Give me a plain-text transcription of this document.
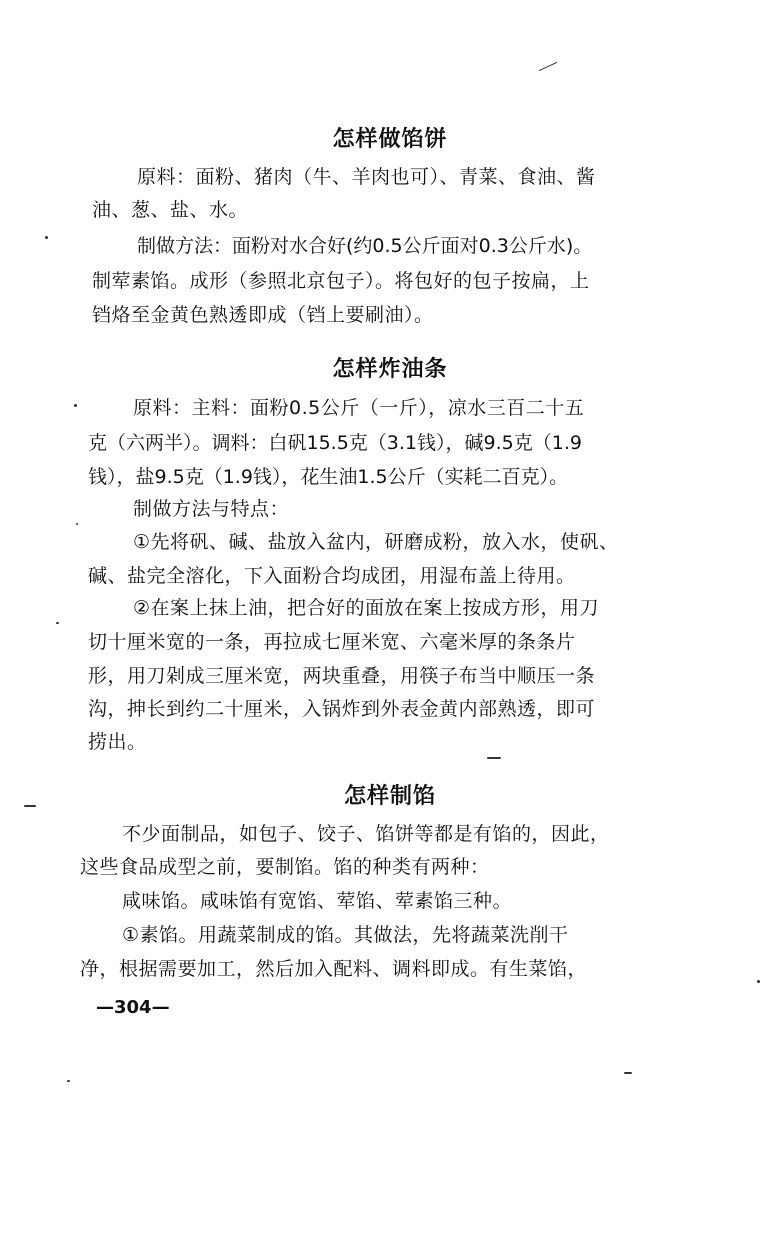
怎样做馅饼
原料：面粉、猪肉（牛、羊肉也可）、青菜、食油、酱
油、葱、盐、水。
制做方法：面粉对水合好(约0.5公斤面对0.3公斤水)。
制荤素馅。成形（参照北京包子）。将包好的包子按扁，上
铛烙至金黄色熟透即成（铛上要刷油）。
怎样炸油条
原料：主料：面粉0.5公斤（一斤），凉水三百二十五
克（六两半）。调料：白矾15.5克（3.1钱），碱9.5克（1.9
钱），盐9.5克（1.9钱），花生油1.5公斤（实耗二百克）。
制做方法与特点：
①先将矾、碱、盐放入盆内，研磨成粉，放入水，使矾、
碱、盐完全溶化，下入面粉合均成团，用湿布盖上待用。
②在案上抹上油，把合好的面放在案上按成方形，用刀
切十厘米宽的一条，再拉成七厘米宽、六毫米厚的条条片
形，用刀剁成三厘米宽，两块重叠，用筷子布当中顺压一条
沟，抻长到约二十厘米，入锅炸到外表金黄内部熟透，即可
捞出。
怎样制馅
不少面制品，如包子、饺子、馅饼等都是有馅的，因此，
这些食品成型之前，要制馅。馅的种类有两种：
咸味馅。咸味馅有宽馅、荤馅、荤素馅三种。
①素馅。用蔬菜制成的馅。其做法，先将蔬菜洗削干
净，根据需要加工，然后加入配料、调料即成。有生菜馅，
—304—
